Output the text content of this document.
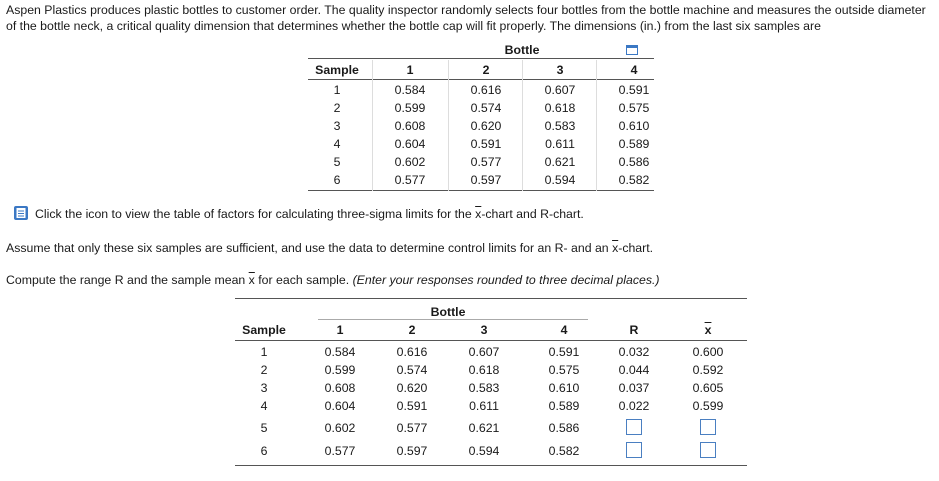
Aspen Plastics produces plastic bottles to customer order. The quality inspector randomly selects four bottles from the bottle machine and measures the outside diameter of the bottle neck, a critical quality dimension that determines whether the bottle cap will fit properly. The dimensions (in.) from the last six samples are
Bottle
Sample	1	2	3	4
1	0.584	0.616	0.607	0.591
2	0.599	0.574	0.618	0.575
3	0.608	0.620	0.583	0.610
4	0.604	0.591	0.611	0.589
5	0.602	0.577	0.621	0.586
6	0.577	0.597	0.594	0.582
Click the icon to view the table of factors for calculating three-sigma limits for the $\overline{x}$-chart and R-chart.
Assume that only these six samples are sufficient, and use the data to determine control limits for an R- and an $\overline{x}$-chart.
Compute the range R and the sample mean $\overline{x}$ for each sample. (Enter your responses rounded to three decimal places.)
Bottle
Sample	1	2	3	4	R	$\overline{x}$
1	0.584	0.616	0.607	0.591	0.032	0.600
2	0.599	0.574	0.618	0.575	0.044	0.592
3	0.608	0.620	0.583	0.610	0.037	0.605
4	0.604	0.591	0.611	0.589	0.022	0.599
5	0.602	0.577	0.621	0.586
6	0.577	0.597	0.594	0.582
